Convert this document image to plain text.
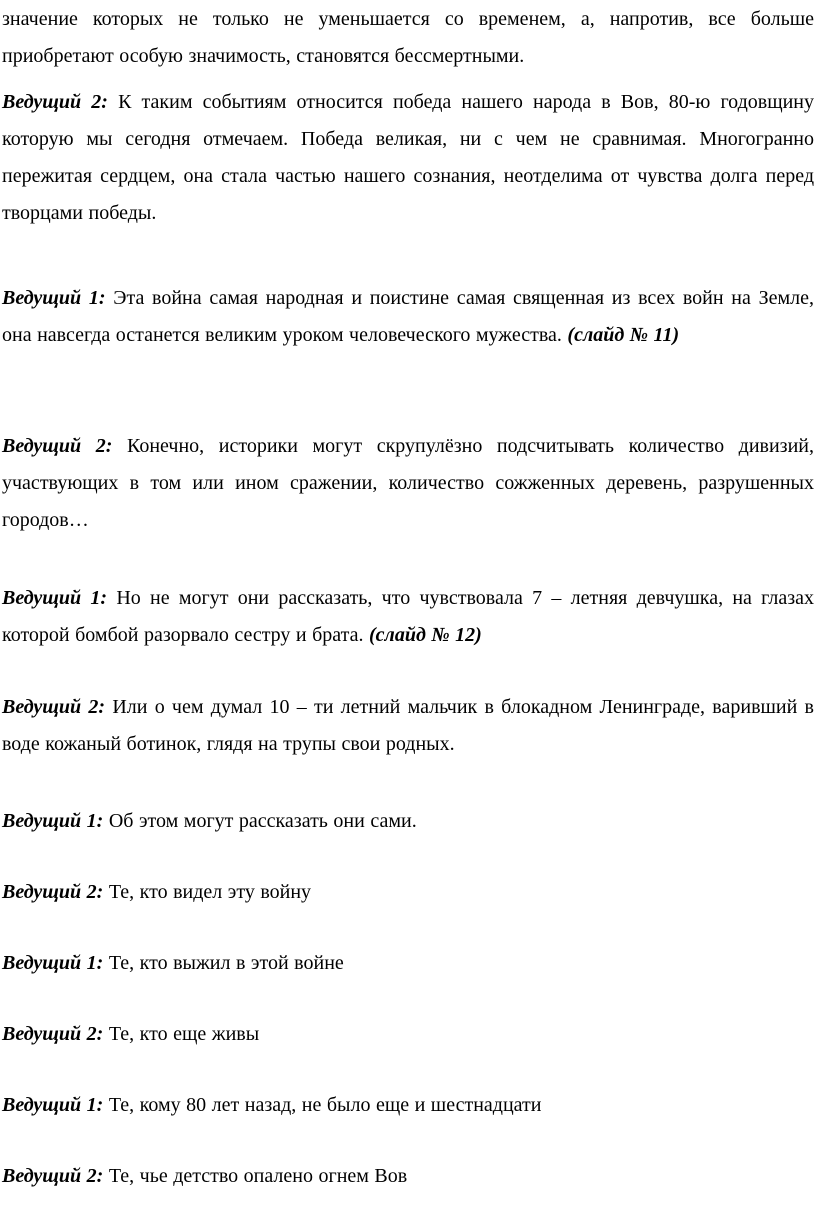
значение которых не только не уменьшается со временем, а, напротив, все больше приобретают особую значимость, становятся бессмертными.

Ведущий 2: К таким событиям относится победа нашего народа в Вов, 80-ю годовщину которую мы сегодня отмечаем. Победа великая, ни с чем не сравнимая. Многогранно пережитая сердцем, она стала частью нашего сознания, неотделима от чувства долга перед творцами победы.

Ведущий 1: Эта война самая народная и поистине самая священная из всех войн на Земле, она навсегда останется великим уроком человеческого мужества. (слайд № 11)

Ведущий 2: Конечно, историки могут скрупулёзно подсчитывать количество дивизий, участвующих в том или ином сражении, количество сожженных деревень, разрушенных городов…

Ведущий 1: Но не могут они рассказать, что чувствовала 7 – летняя девчушка, на глазах которой бомбой разорвало сестру и брата. (слайд № 12)

Ведущий 2: Или о чем думал 10 – ти летний мальчик в блокадном Ленинграде, варивший в воде кожаный ботинок, глядя на трупы свои родных.

Ведущий 1: Об этом могут рассказать они сами.

Ведущий 2: Те, кто видел эту войну

Ведущий 1: Те, кто выжил в этой войне

Ведущий 2: Те, кто еще живы

Ведущий 1: Те, кому 80 лет назад, не было еще и шестнадцати

Ведущий 2: Те, чье детство опалено огнем Вов
